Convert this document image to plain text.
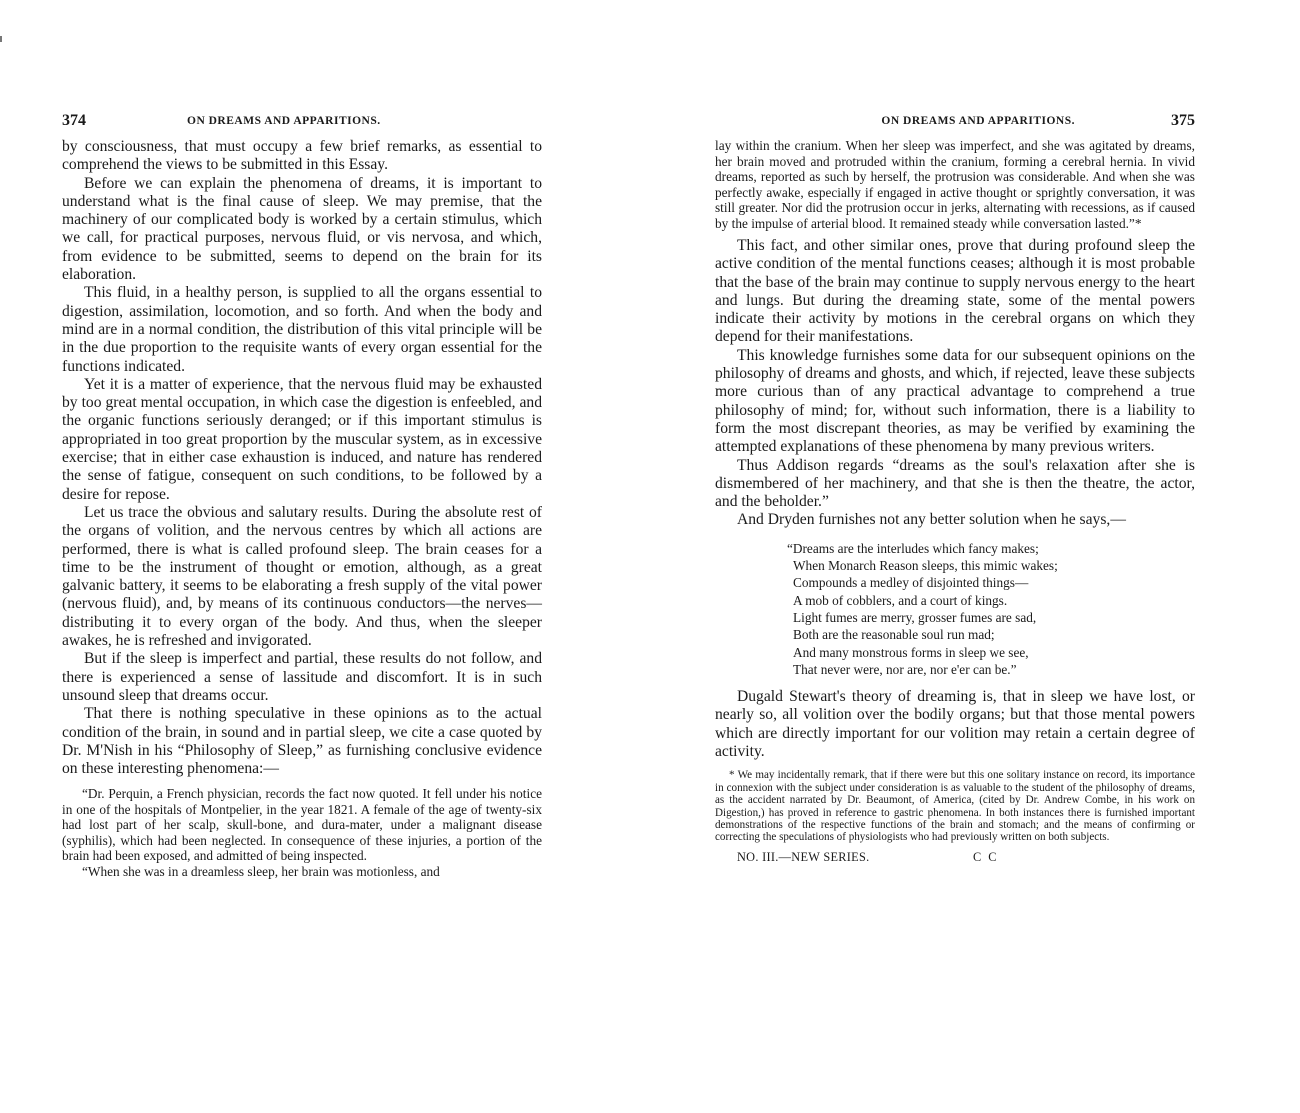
374	ON DREAMS AND APPARITIONS.

by consciousness, that must occupy a few brief remarks, as essential to comprehend the views to be submitted in this Essay.

Before we can explain the phenomena of dreams, it is important to understand what is the final cause of sleep. We may premise, that the machinery of our complicated body is worked by a certain stimulus, which we call, for practical purposes, nervous fluid, or vis nervosa, and which, from evidence to be submitted, seems to depend on the brain for its elaboration.

This fluid, in a healthy person, is supplied to all the organs essential to digestion, assimilation, locomotion, and so forth. And when the body and mind are in a normal condition, the distribution of this vital principle will be in the due proportion to the requisite wants of every organ essential for the functions indicated.

Yet it is a matter of experience, that the nervous fluid may be exhausted by too great mental occupation, in which case the digestion is enfeebled, and the organic functions seriously deranged; or if this important stimulus is appropriated in too great proportion by the muscular system, as in excessive exercise; that in either case exhaustion is induced, and nature has rendered the sense of fatigue, consequent on such conditions, to be followed by a desire for repose.

Let us trace the obvious and salutary results. During the absolute rest of the organs of volition, and the nervous centres by which all actions are performed, there is what is called profound sleep. The brain ceases for a time to be the instrument of thought or emotion, although, as a great galvanic battery, it seems to be elaborating a fresh supply of the vital power (nervous fluid), and, by means of its continuous conductors—the nerves—distributing it to every organ of the body. And thus, when the sleeper awakes, he is refreshed and invigorated.

But if the sleep is imperfect and partial, these results do not follow, and there is experienced a sense of lassitude and discomfort. It is in such unsound sleep that dreams occur.

That there is nothing speculative in these opinions as to the actual condition of the brain, in sound and in partial sleep, we cite a case quoted by Dr. M'Nish in his “Philosophy of Sleep,” as furnishing conclusive evidence on these interesting phenomena:—

“Dr. Perquin, a French physician, records the fact now quoted. It fell under his notice in one of the hospitals of Montpelier, in the year 1821. A female of the age of twenty-six had lost part of her scalp, skull-bone, and dura-mater, under a malignant disease (syphilis), which had been neglected. In consequence of these injuries, a portion of the brain had been exposed, and admitted of being inspected.

“When she was in a dreamless sleep, her brain was motionless, and

ON DREAMS AND APPARITIONS.	375

lay within the cranium. When her sleep was imperfect, and she was agitated by dreams, her brain moved and protruded within the cranium, forming a cerebral hernia. In vivid dreams, reported as such by herself, the protrusion was considerable. And when she was perfectly awake, especially if engaged in active thought or sprightly conversation, it was still greater. Nor did the protrusion occur in jerks, alternating with recessions, as if caused by the impulse of arterial blood. It remained steady while conversation lasted.”*

This fact, and other similar ones, prove that during profound sleep the active condition of the mental functions ceases; although it is most probable that the base of the brain may continue to supply nervous energy to the heart and lungs. But during the dreaming state, some of the mental powers indicate their activity by motions in the cerebral organs on which they depend for their manifestations.

This knowledge furnishes some data for our subsequent opinions on the philosophy of dreams and ghosts, and which, if rejected, leave these subjects more curious than of any practical advantage to comprehend a true philosophy of mind; for, without such information, there is a liability to form the most discrepant theories, as may be verified by examining the attempted explanations of these phenomena by many previous writers.

Thus Addison regards “dreams as the soul's relaxation after she is dismembered of her machinery, and that she is then the theatre, the actor, and the beholder.”

And Dryden furnishes not any better solution when he says,—

“Dreams are the interludes which fancy makes;
When Monarch Reason sleeps, this mimic wakes;
Compounds a medley of disjointed things—
A mob of cobblers, and a court of kings.
Light fumes are merry, grosser fumes are sad,
Both are the reasonable soul run mad;
And many monstrous forms in sleep we see,
That never were, nor are, nor e'er can be.”

Dugald Stewart's theory of dreaming is, that in sleep we have lost, or nearly so, all volition over the bodily organs; but that those mental powers which are directly important for our volition may retain a certain degree of activity.

* We may incidentally remark, that if there were but this one solitary instance on record, its importance in connexion with the subject under consideration is as valuable to the student of the philosophy of dreams, as the accident narrated by Dr. Beaumont, of America, (cited by Dr. Andrew Combe, in his work on Digestion,) has proved in reference to gastric phenomena. In both instances there is furnished important demonstrations of the respective functions of the brain and stomach; and the means of confirming or correcting the speculations of physiologists who had previously written on both subjects.

NO. III.—NEW SERIES.	C C
